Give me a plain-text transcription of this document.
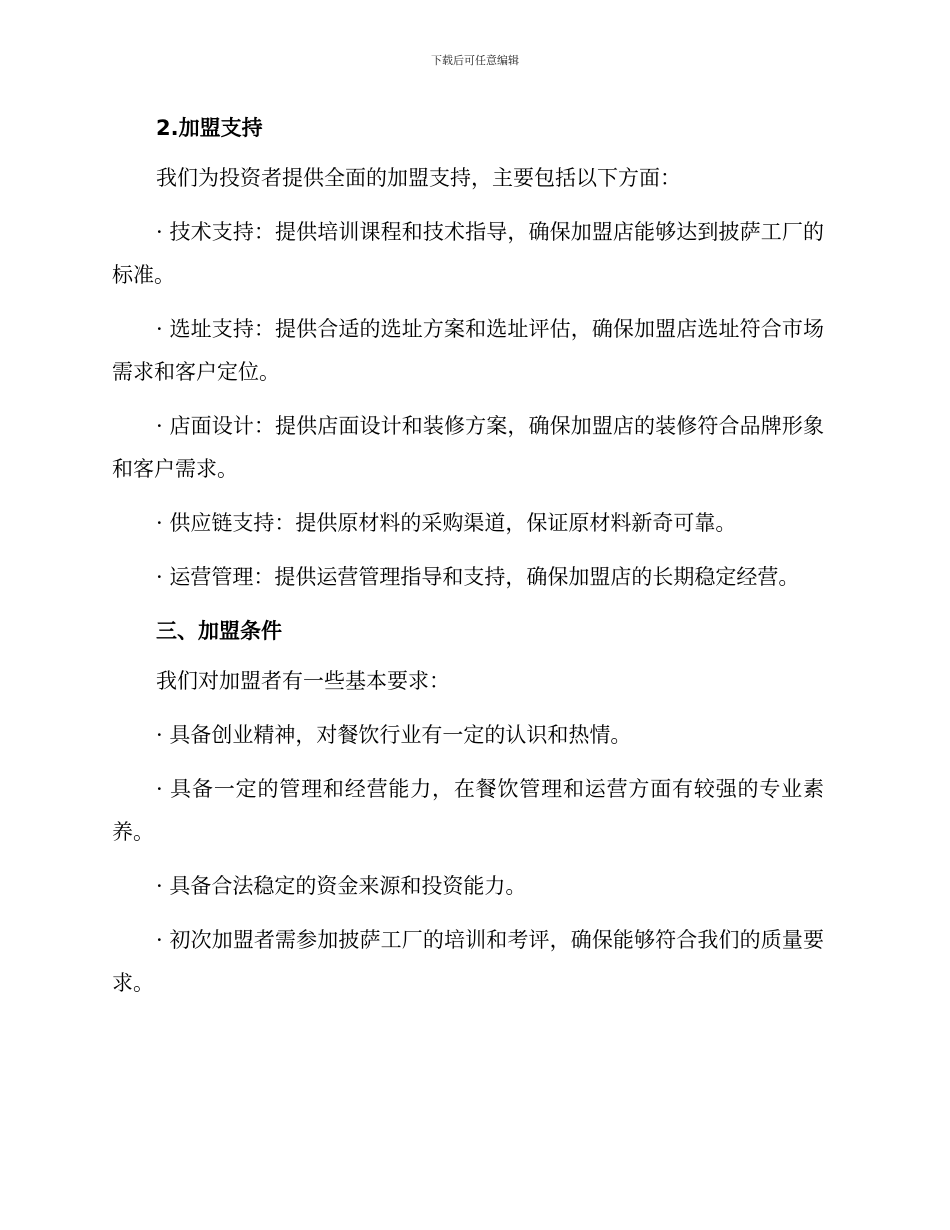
下载后可任意编辑
2.加盟支持
我们为投资者提供全面的加盟支持，主要包括以下方面：
· 技术支持：提供培训课程和技术指导，确保加盟店能够达到披萨工厂的标准。
· 选址支持：提供合适的选址方案和选址评估，确保加盟店选址符合市场需求和客户定位。
· 店面设计：提供店面设计和装修方案，确保加盟店的装修符合品牌形象和客户需求。
· 供应链支持：提供原材料的采购渠道，保证原材料新奇可靠。
· 运营管理：提供运营管理指导和支持，确保加盟店的长期稳定经营。
三、加盟条件
我们对加盟者有一些基本要求：
· 具备创业精神，对餐饮行业有一定的认识和热情。
· 具备一定的管理和经营能力，在餐饮管理和运营方面有较强的专业素养。
· 具备合法稳定的资金来源和投资能力。
· 初次加盟者需参加披萨工厂的培训和考评，确保能够符合我们的质量要求。
